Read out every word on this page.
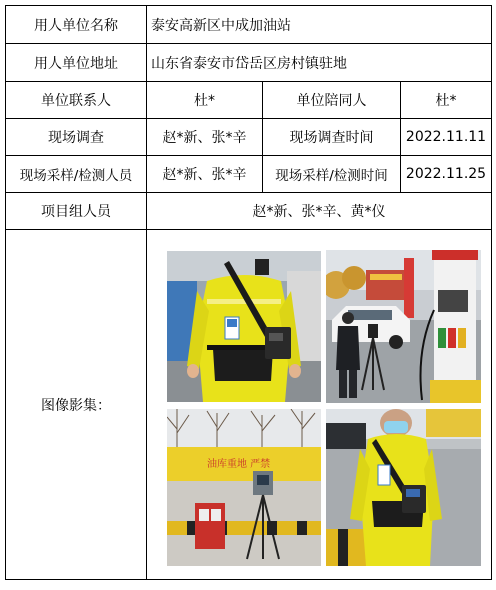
用人单位名称	泰安高新区中成加油站		
用人单位地址	山东省泰安市岱岳区房村镇驻地		
单位联系人	杜*	单位陪同人	杜*
现场调查	赵*新、张*辛	现场调查时间	2022.11.11
现场采样/检测人员	赵*新、张*辛	现场采样/检测时间	2022.11.25
项目组人员	赵*新、张*辛、黄*仪		
图像影集：			
油库重地 严禁
